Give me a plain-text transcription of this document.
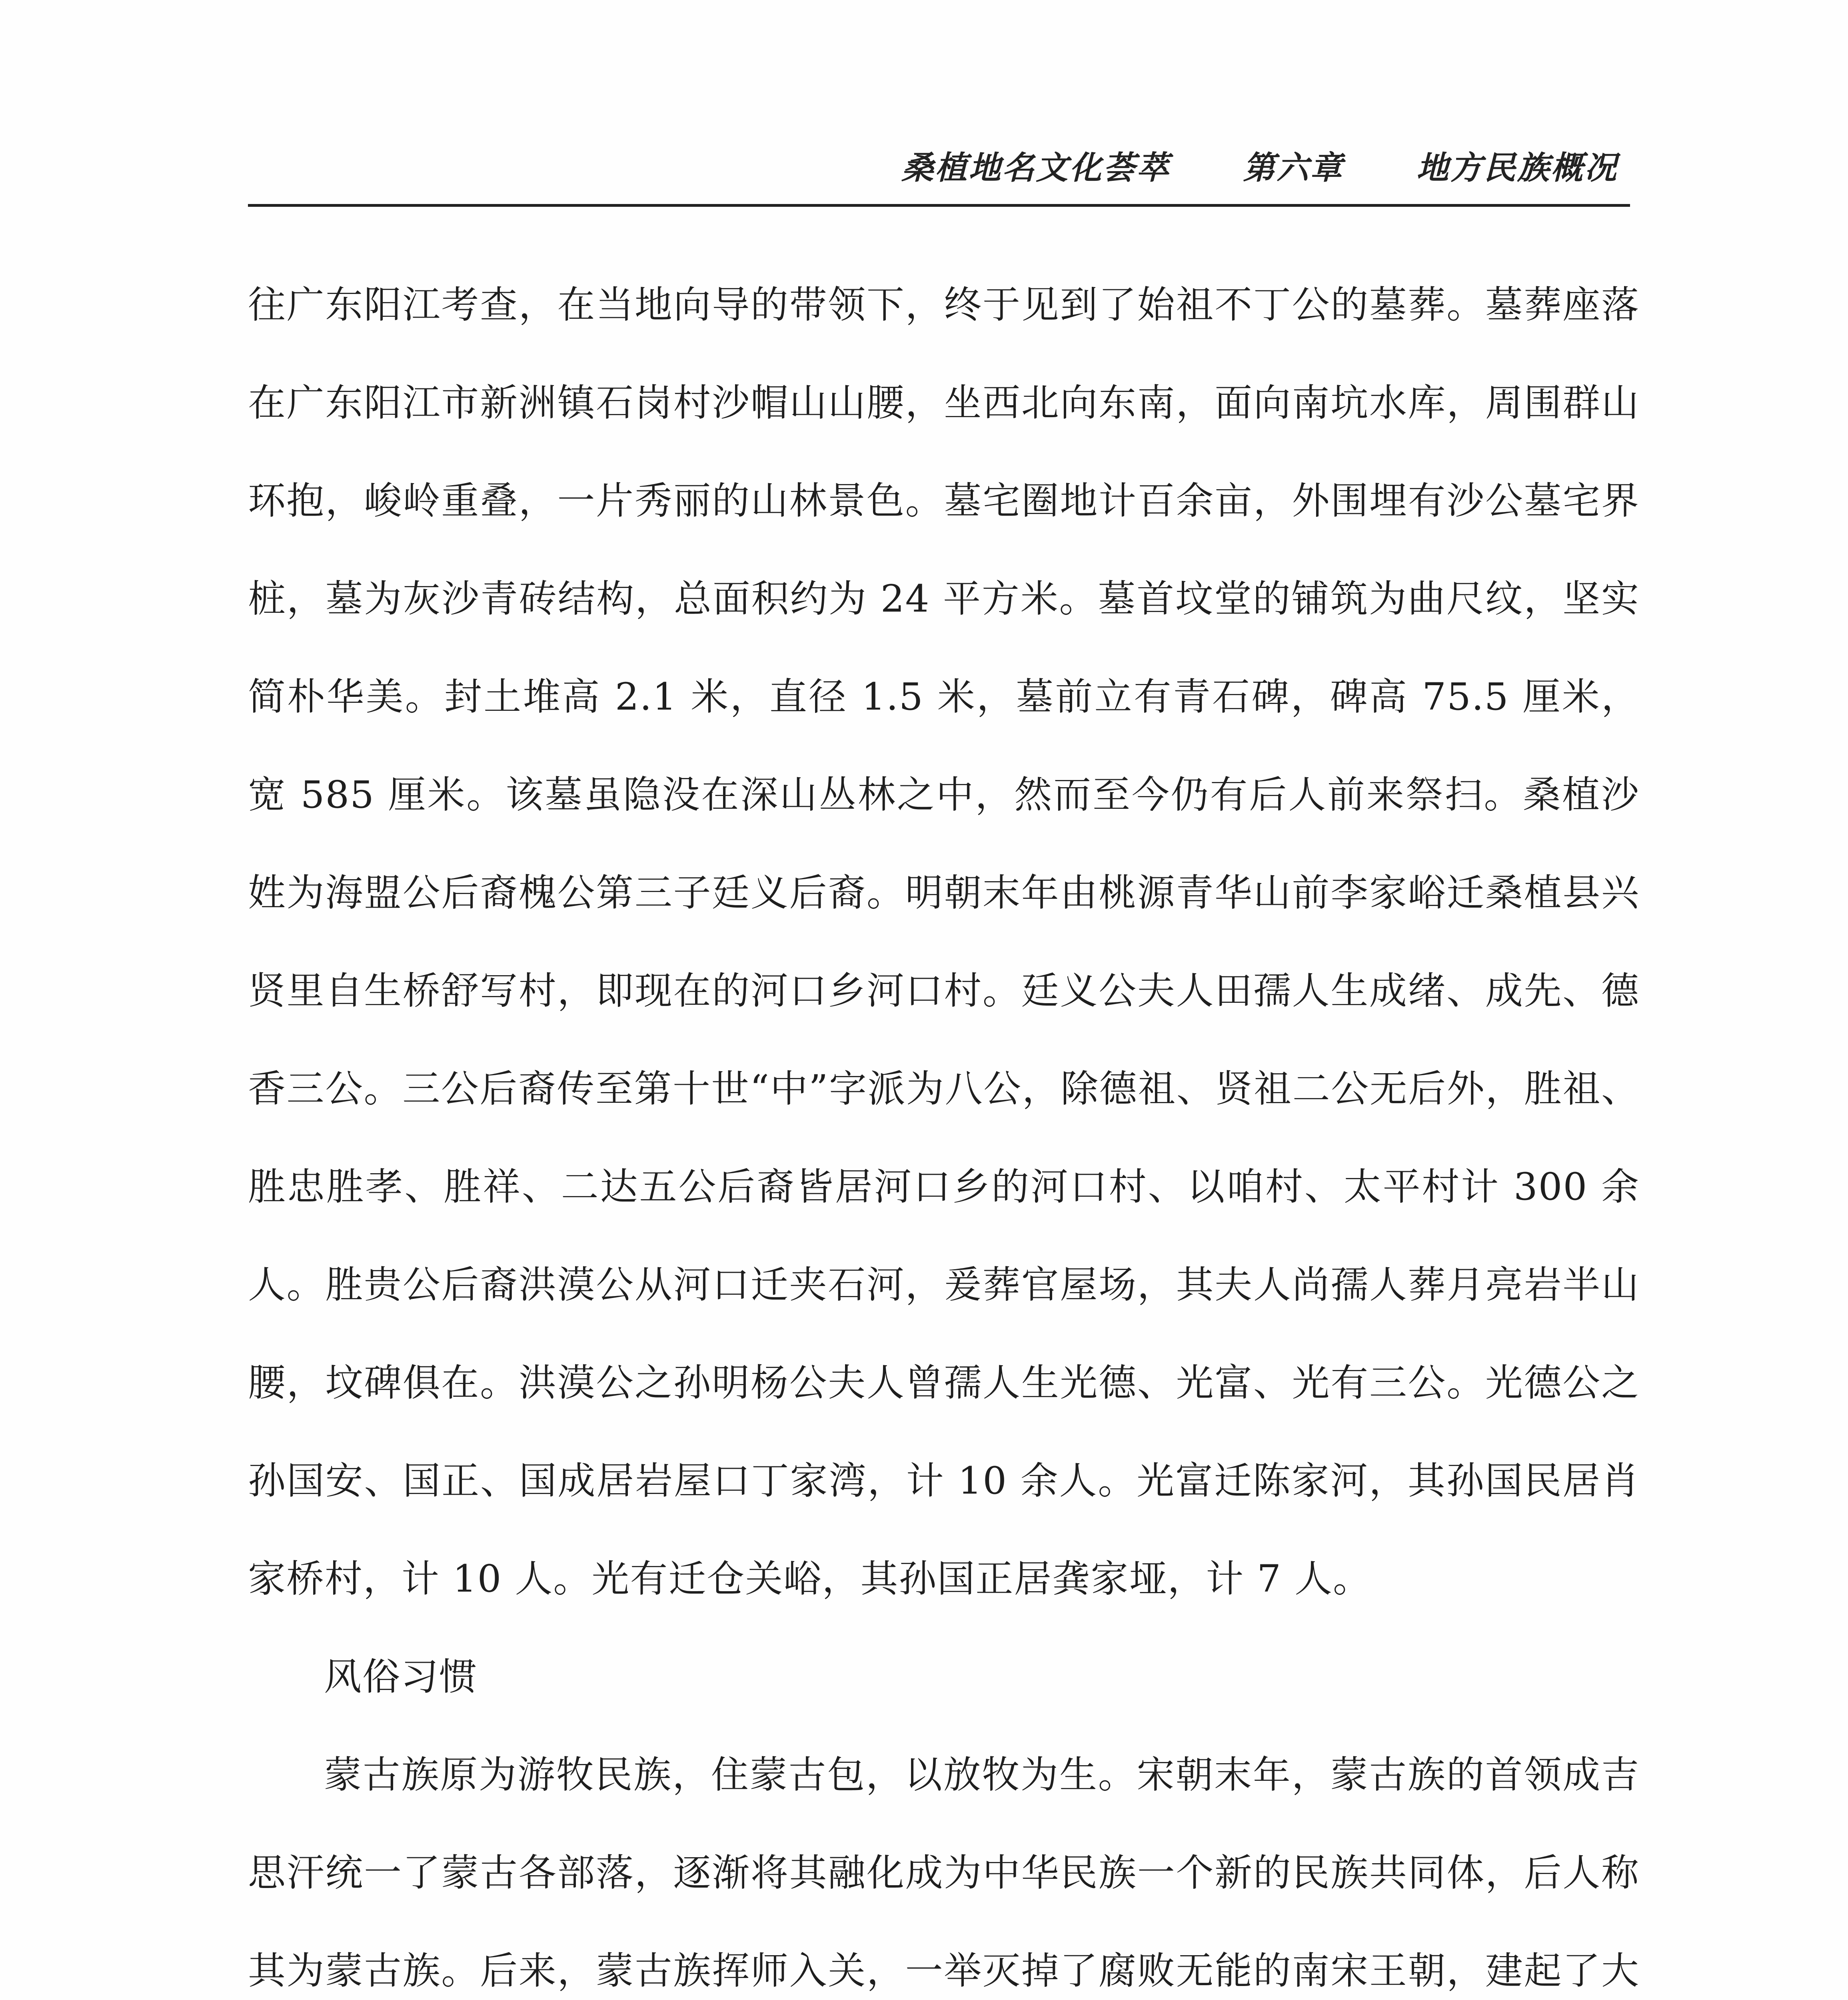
桑植地名文化荟萃 第六章 地方民族概况

往广东阳江考查，在当地向导的带领下，终于见到了始祖不丁公的墓葬。墓葬座落在广东阳江市新洲镇石岗村沙帽山山腰，坐西北向东南，面向南坑水库，周围群山环抱，峻岭重叠，一片秀丽的山林景色。墓宅圈地计百余亩，外围埋有沙公墓宅界桩，墓为灰沙青砖结构，总面积约为 24 平方米。墓首坟堂的铺筑为曲尺纹，坚实简朴华美。封土堆高 2.1 米，直径 1.5 米，墓前立有青石碑，碑高 75.5 厘米，宽 585 厘米。该墓虽隐没在深山丛林之中，然而至今仍有后人前来祭扫。桑植沙姓为海盟公后裔槐公第三子廷义后裔。明朝末年由桃源青华山前李家峪迁桑植县兴贤里自生桥舒写村，即现在的河口乡河口村。廷义公夫人田孺人生成绪、成先、德香三公。三公后裔传至第十世“中”字派为八公，除德祖、贤祖二公无后外，胜祖、胜忠胜孝、胜祥、二达五公后裔皆居河口乡的河口村、以咱村、太平村计 300 余人。胜贵公后裔洪漠公从河口迁夹石河，爰葬官屋场，其夫人尚孺人葬月亮岩半山腰，坟碑俱在。洪漠公之孙明杨公夫人曾孺人生光德、光富、光有三公。光德公之孙国安、国正、国成居岩屋口丁家湾，计 10 余人。光富迁陈家河，其孙国民居肖家桥村，计 10 人。光有迁仓关峪，其孙国正居龚家垭，计 7 人。

风俗习惯

蒙古族原为游牧民族，住蒙古包，以放牧为生。宋朝末年，蒙古族的首领成吉思汗统一了蒙古各部落，逐渐将其融化成为中华民族一个新的民族共同体，后人称其为蒙古族。后来，蒙古族挥师入关，一举灭掉了腐败无能的南宋王朝，建起了大
